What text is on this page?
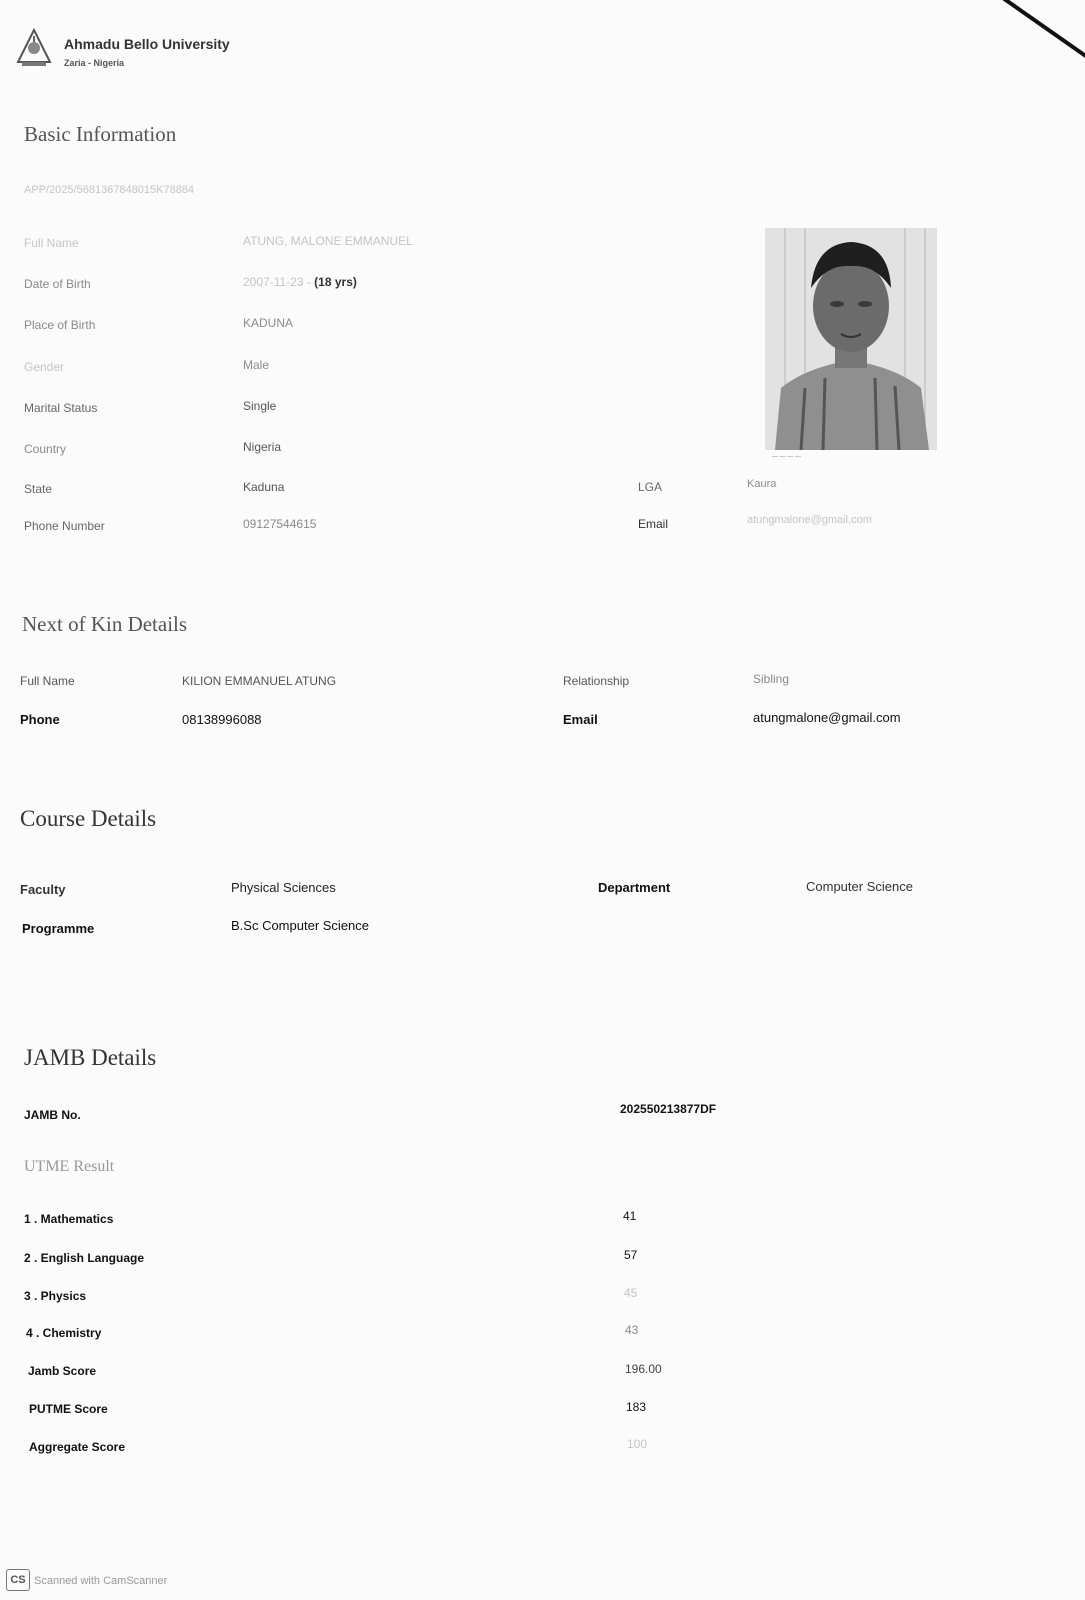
Ahmadu Bello University
Zaria - Nigeria
Basic Information
APP/2025/5681367848015K78884
Full Name	ATUNG, MALONE EMMANUEL
Date of Birth	2007-11-23 - (18 yrs)
Place of Birth	KADUNA
Gender	Male
Marital Status	Single
Country	Nigeria
State	Kaduna	LGA	Kaura
Phone Number	09127544615	Email	atungmalone@gmail.com
— — — —
Next of Kin Details
Full Name	KILION EMMANUEL ATUNG	Relationship	Sibling
Phone	08138996088	Email	atungmalone@gmail.com
Course Details
Faculty	Physical Sciences	Department	Computer Science
Programme	B.Sc Computer Science
JAMB Details
JAMB No.	202550213877DF
UTME Result
1 . Mathematics	41
2 . English Language	57
3 . Physics	45
4 . Chemistry	43
Jamb Score	196.00
PUTME Score	183
Aggregate Score	100
CS Scanned with CamScanner
